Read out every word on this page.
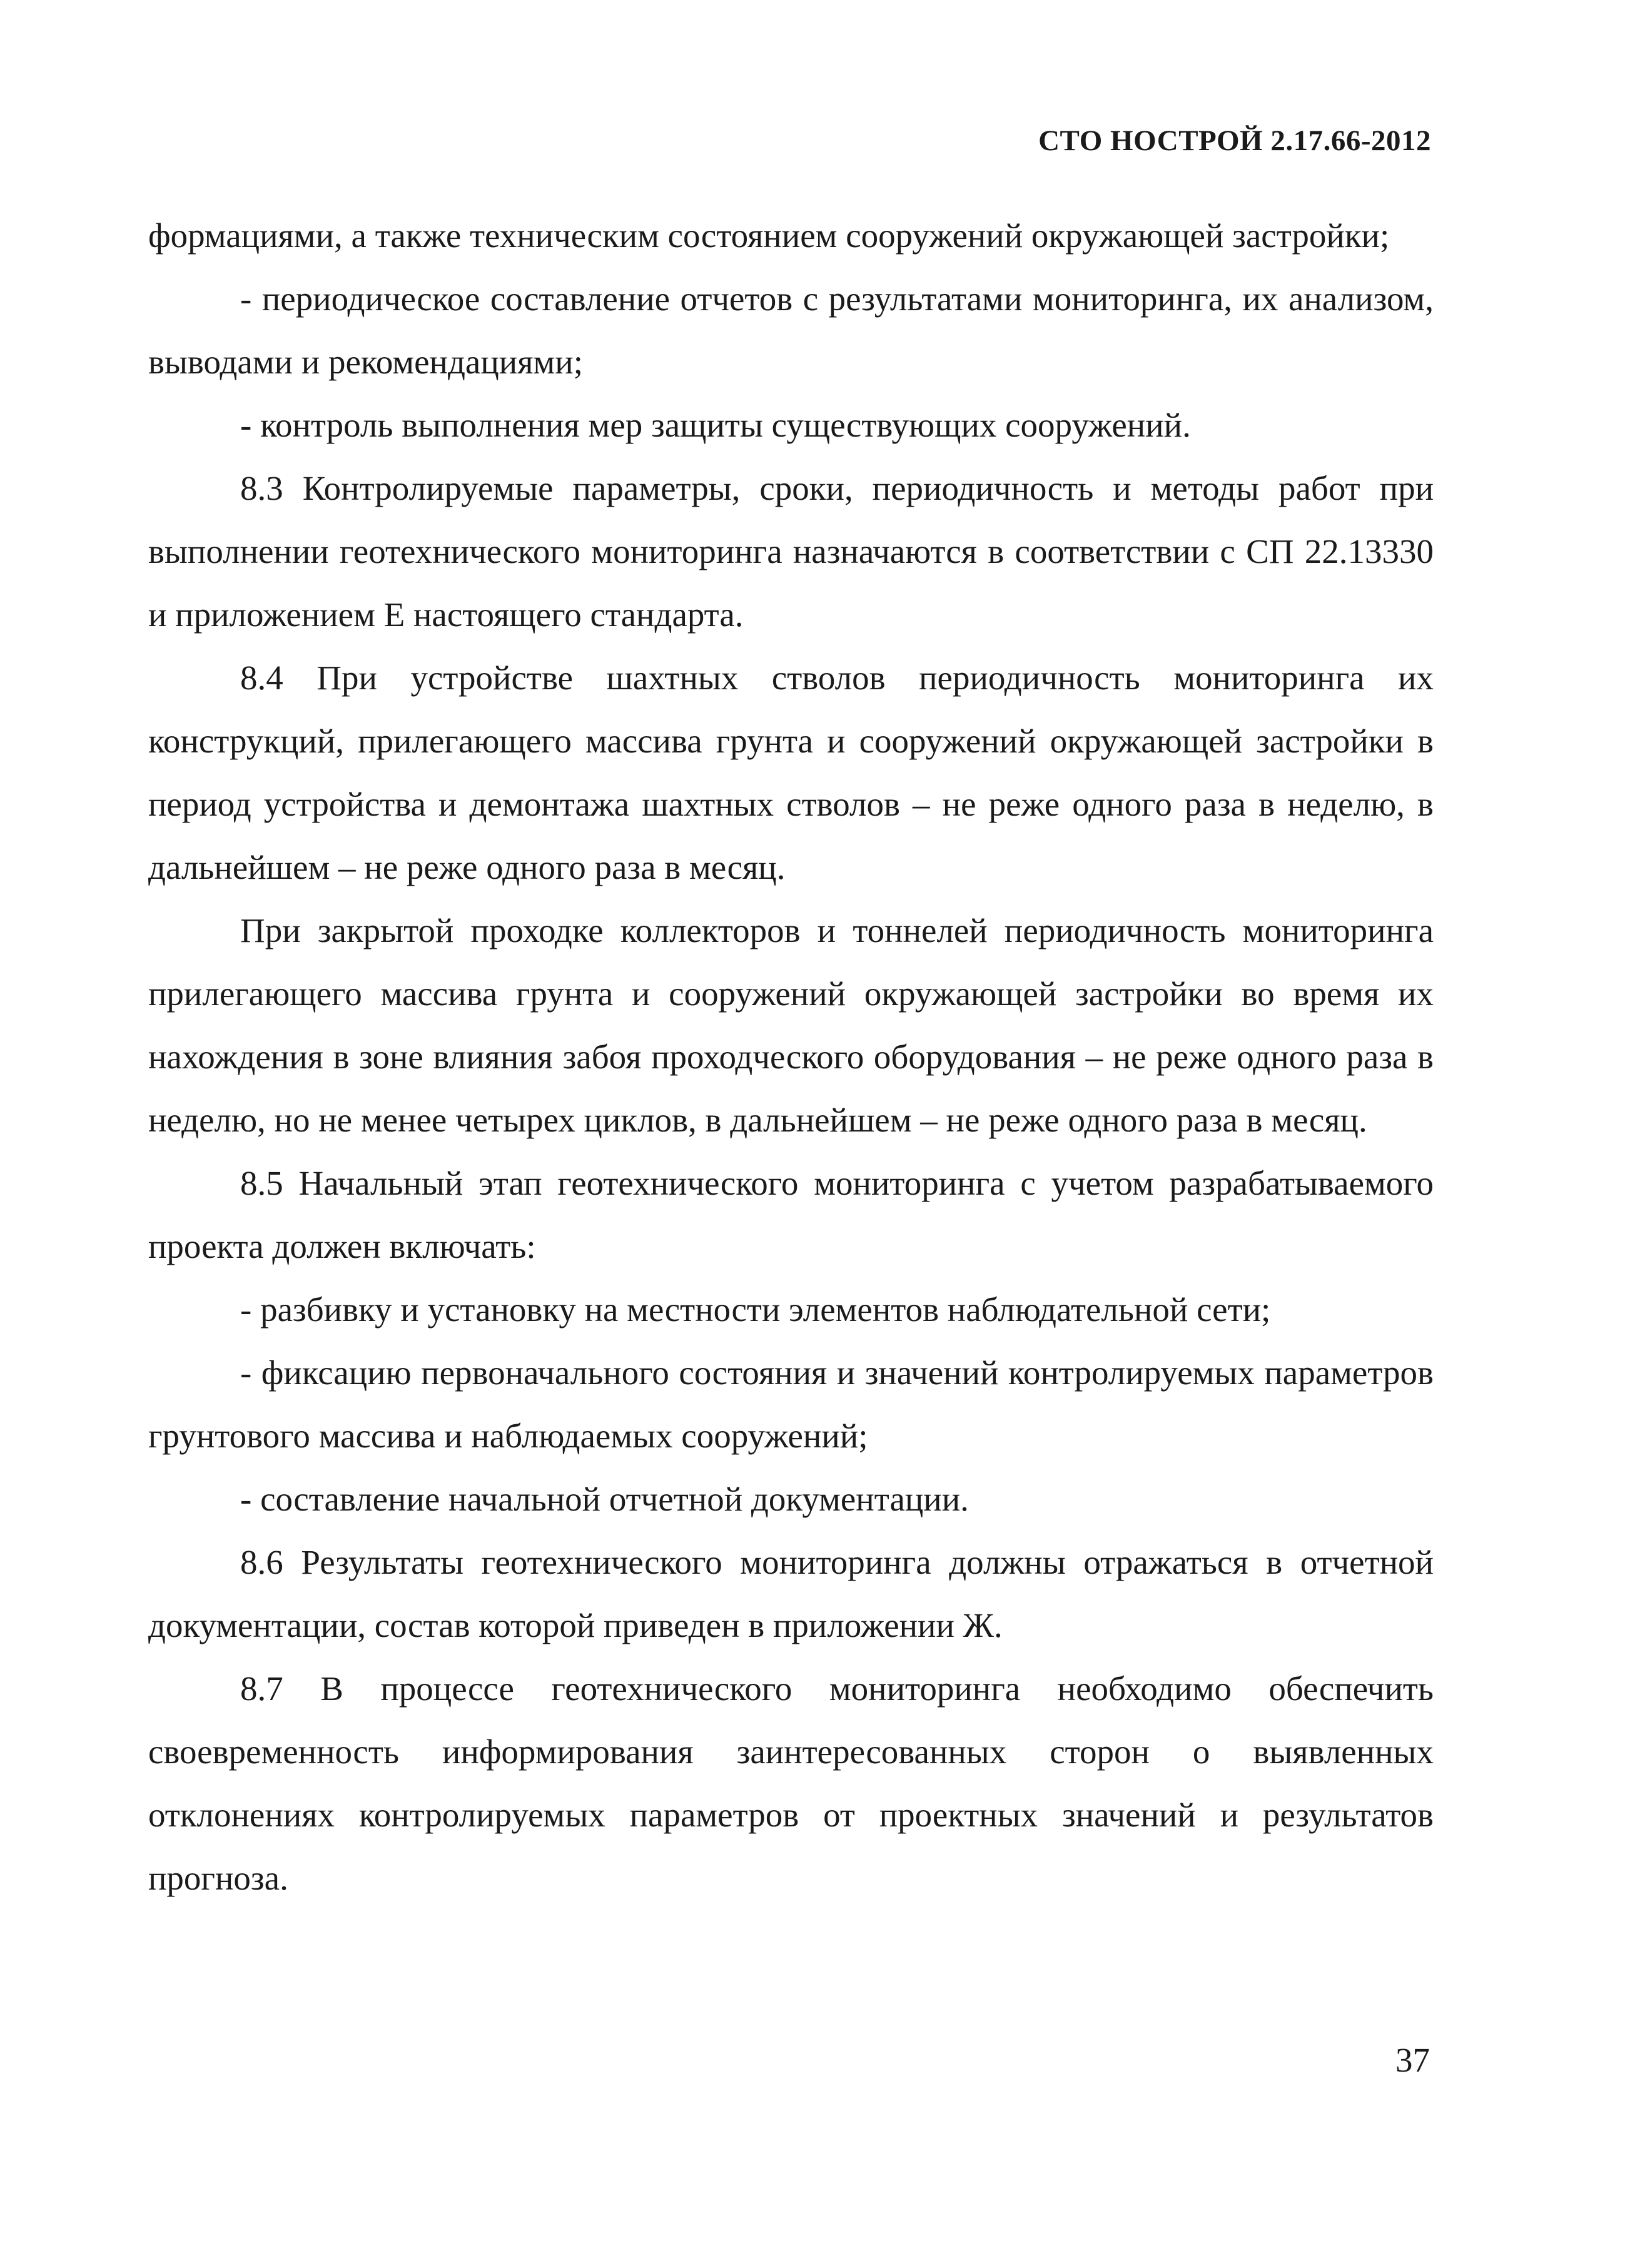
СТО НОСТРОЙ 2.17.66-2012

формациями, а также техническим состоянием сооружений окружающей застройки;

- периодическое составление отчетов с результатами мониторинга, их анализом, выводами и рекомендациями;

- контроль выполнения мер защиты существующих сооружений.

8.3 Контролируемые параметры, сроки, периодичность и методы работ при выполнении геотехнического мониторинга назначаются в соответствии с СП 22.13330 и приложением Е настоящего стандарта.

8.4 При устройстве шахтных стволов периодичность мониторинга их конструкций, прилегающего массива грунта и сооружений окружающей застройки в период устройства и демонтажа шахтных стволов – не реже одного раза в неделю, в дальнейшем – не реже одного раза в месяц.

При закрытой проходке коллекторов и тоннелей периодичность мониторинга прилегающего массива грунта и сооружений окружающей застройки во время их нахождения в зоне влияния забоя проходческого оборудования – не реже одного раза в неделю, но не менее четырех циклов, в дальнейшем – не реже одного раза в месяц.

8.5 Начальный этап геотехнического мониторинга с учетом разрабатываемого проекта должен включать:

- разбивку и установку на местности элементов наблюдательной сети;

- фиксацию первоначального состояния и значений контролируемых параметров грунтового массива и наблюдаемых сооружений;

- составление начальной отчетной документации.

8.6 Результаты геотехнического мониторинга должны отражаться в отчетной документации, состав которой приведен в приложении Ж.

8.7 В процессе геотехнического мониторинга необходимо обеспечить своевременность информирования заинтересованных сторон о выявленных отклонениях контролируемых параметров от проектных значений и результатов прогноза.

37
